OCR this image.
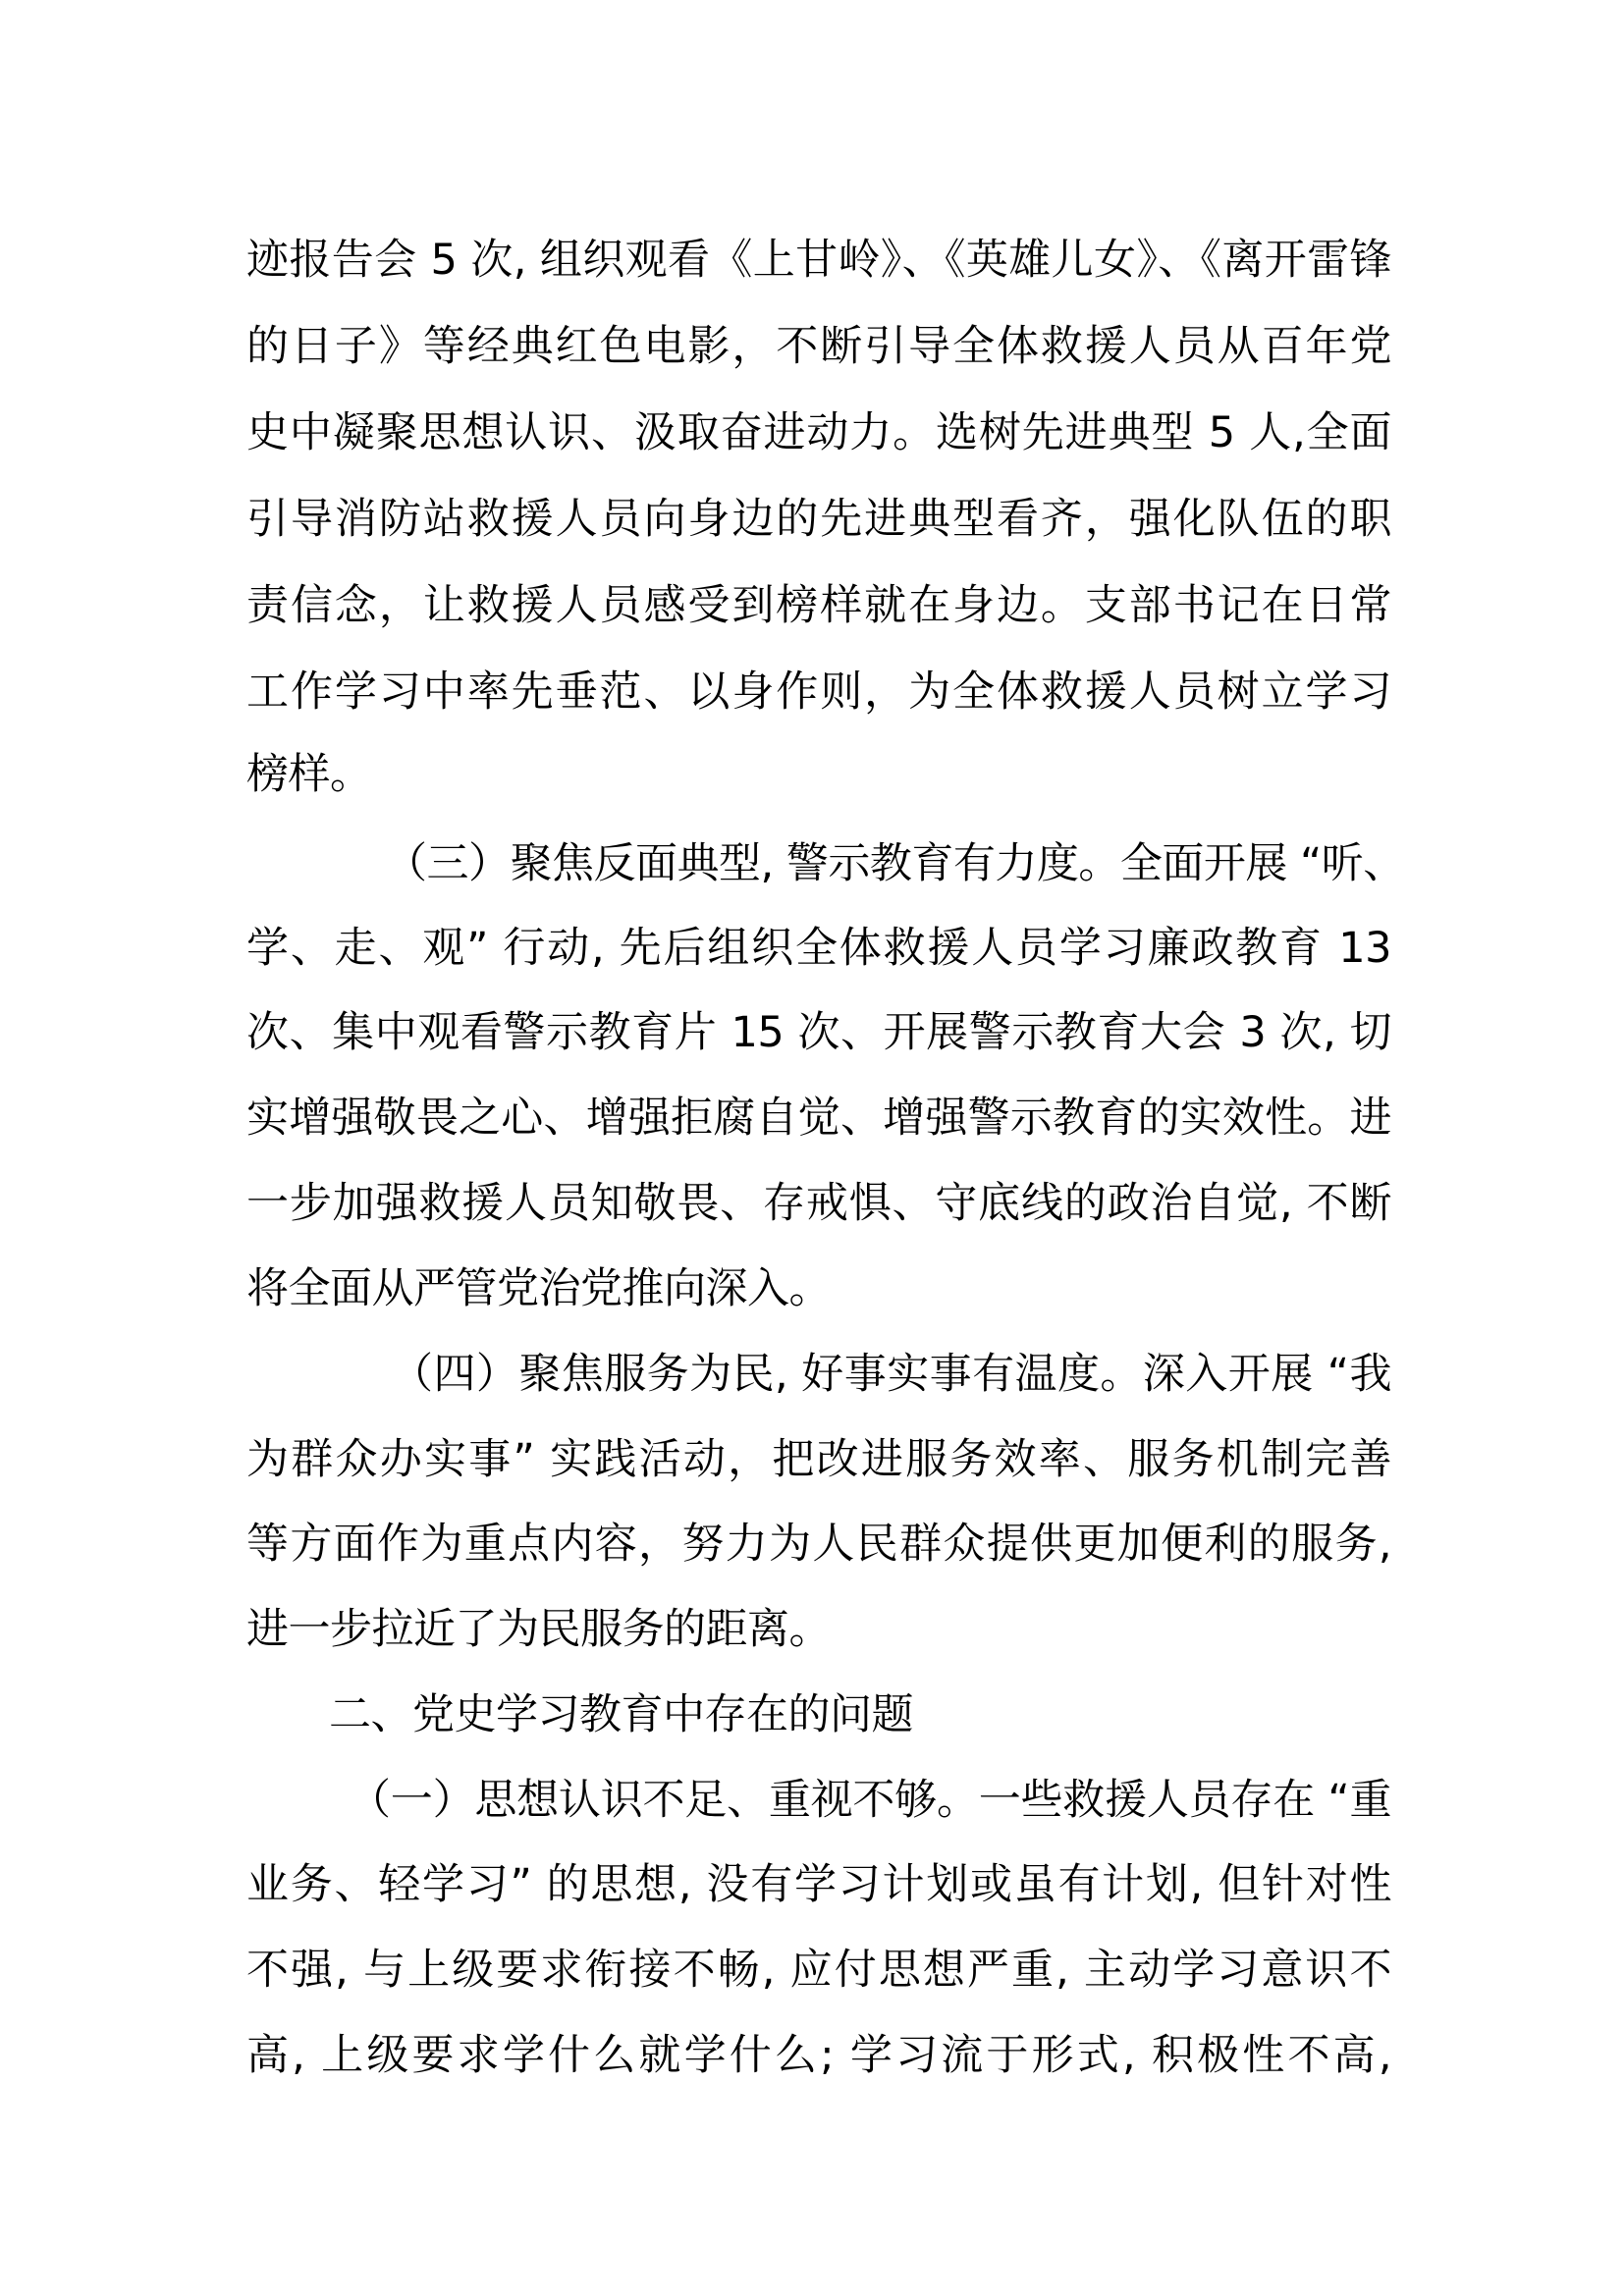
迹报告会 5 次, 组织观看《上甘岭》、《英雄儿女》、《离开雷锋
的日子》等经典红色电影，不断引导全体救援人员从百年党
史中凝聚思想认识、汲取奋进动力。选树先进典型 5 人,全面
引导消防站救援人员向身边的先进典型看齐，强化队伍的职
责信念，让救援人员感受到榜样就在身边。支部书记在日常
工作学习中率先垂范、以身作则，为全体救援人员树立学习
榜样。
（三）聚焦反面典型, 警示教育有力度。全面开展 “听、
学、走、观” 行动, 先后组织全体救援人员学习廉政教育 13
次、集中观看警示教育片 15 次、开展警示教育大会 3 次, 切
实增强敬畏之心、增强拒腐自觉、增强警示教育的实效性。进
一步加强救援人员知敬畏、存戒惧、守底线的政治自觉, 不断
将全面从严管党治党推向深入。
（四）聚焦服务为民, 好事实事有温度。深入开展 “我
为群众办实事” 实践活动，把改进服务效率、服务机制完善
等方面作为重点内容，努力为人民群众提供更加便利的服务,
进一步拉近了为民服务的距离。
二、党史学习教育中存在的问题
（一）思想认识不足、重视不够。一些救援人员存在 “重
业务、轻学习” 的思想, 没有学习计划或虽有计划, 但针对性
不强, 与上级要求衔接不畅, 应付思想严重, 主动学习意识不
高, 上级要求学什么就学什么; 学习流于形式, 积极性不高,
